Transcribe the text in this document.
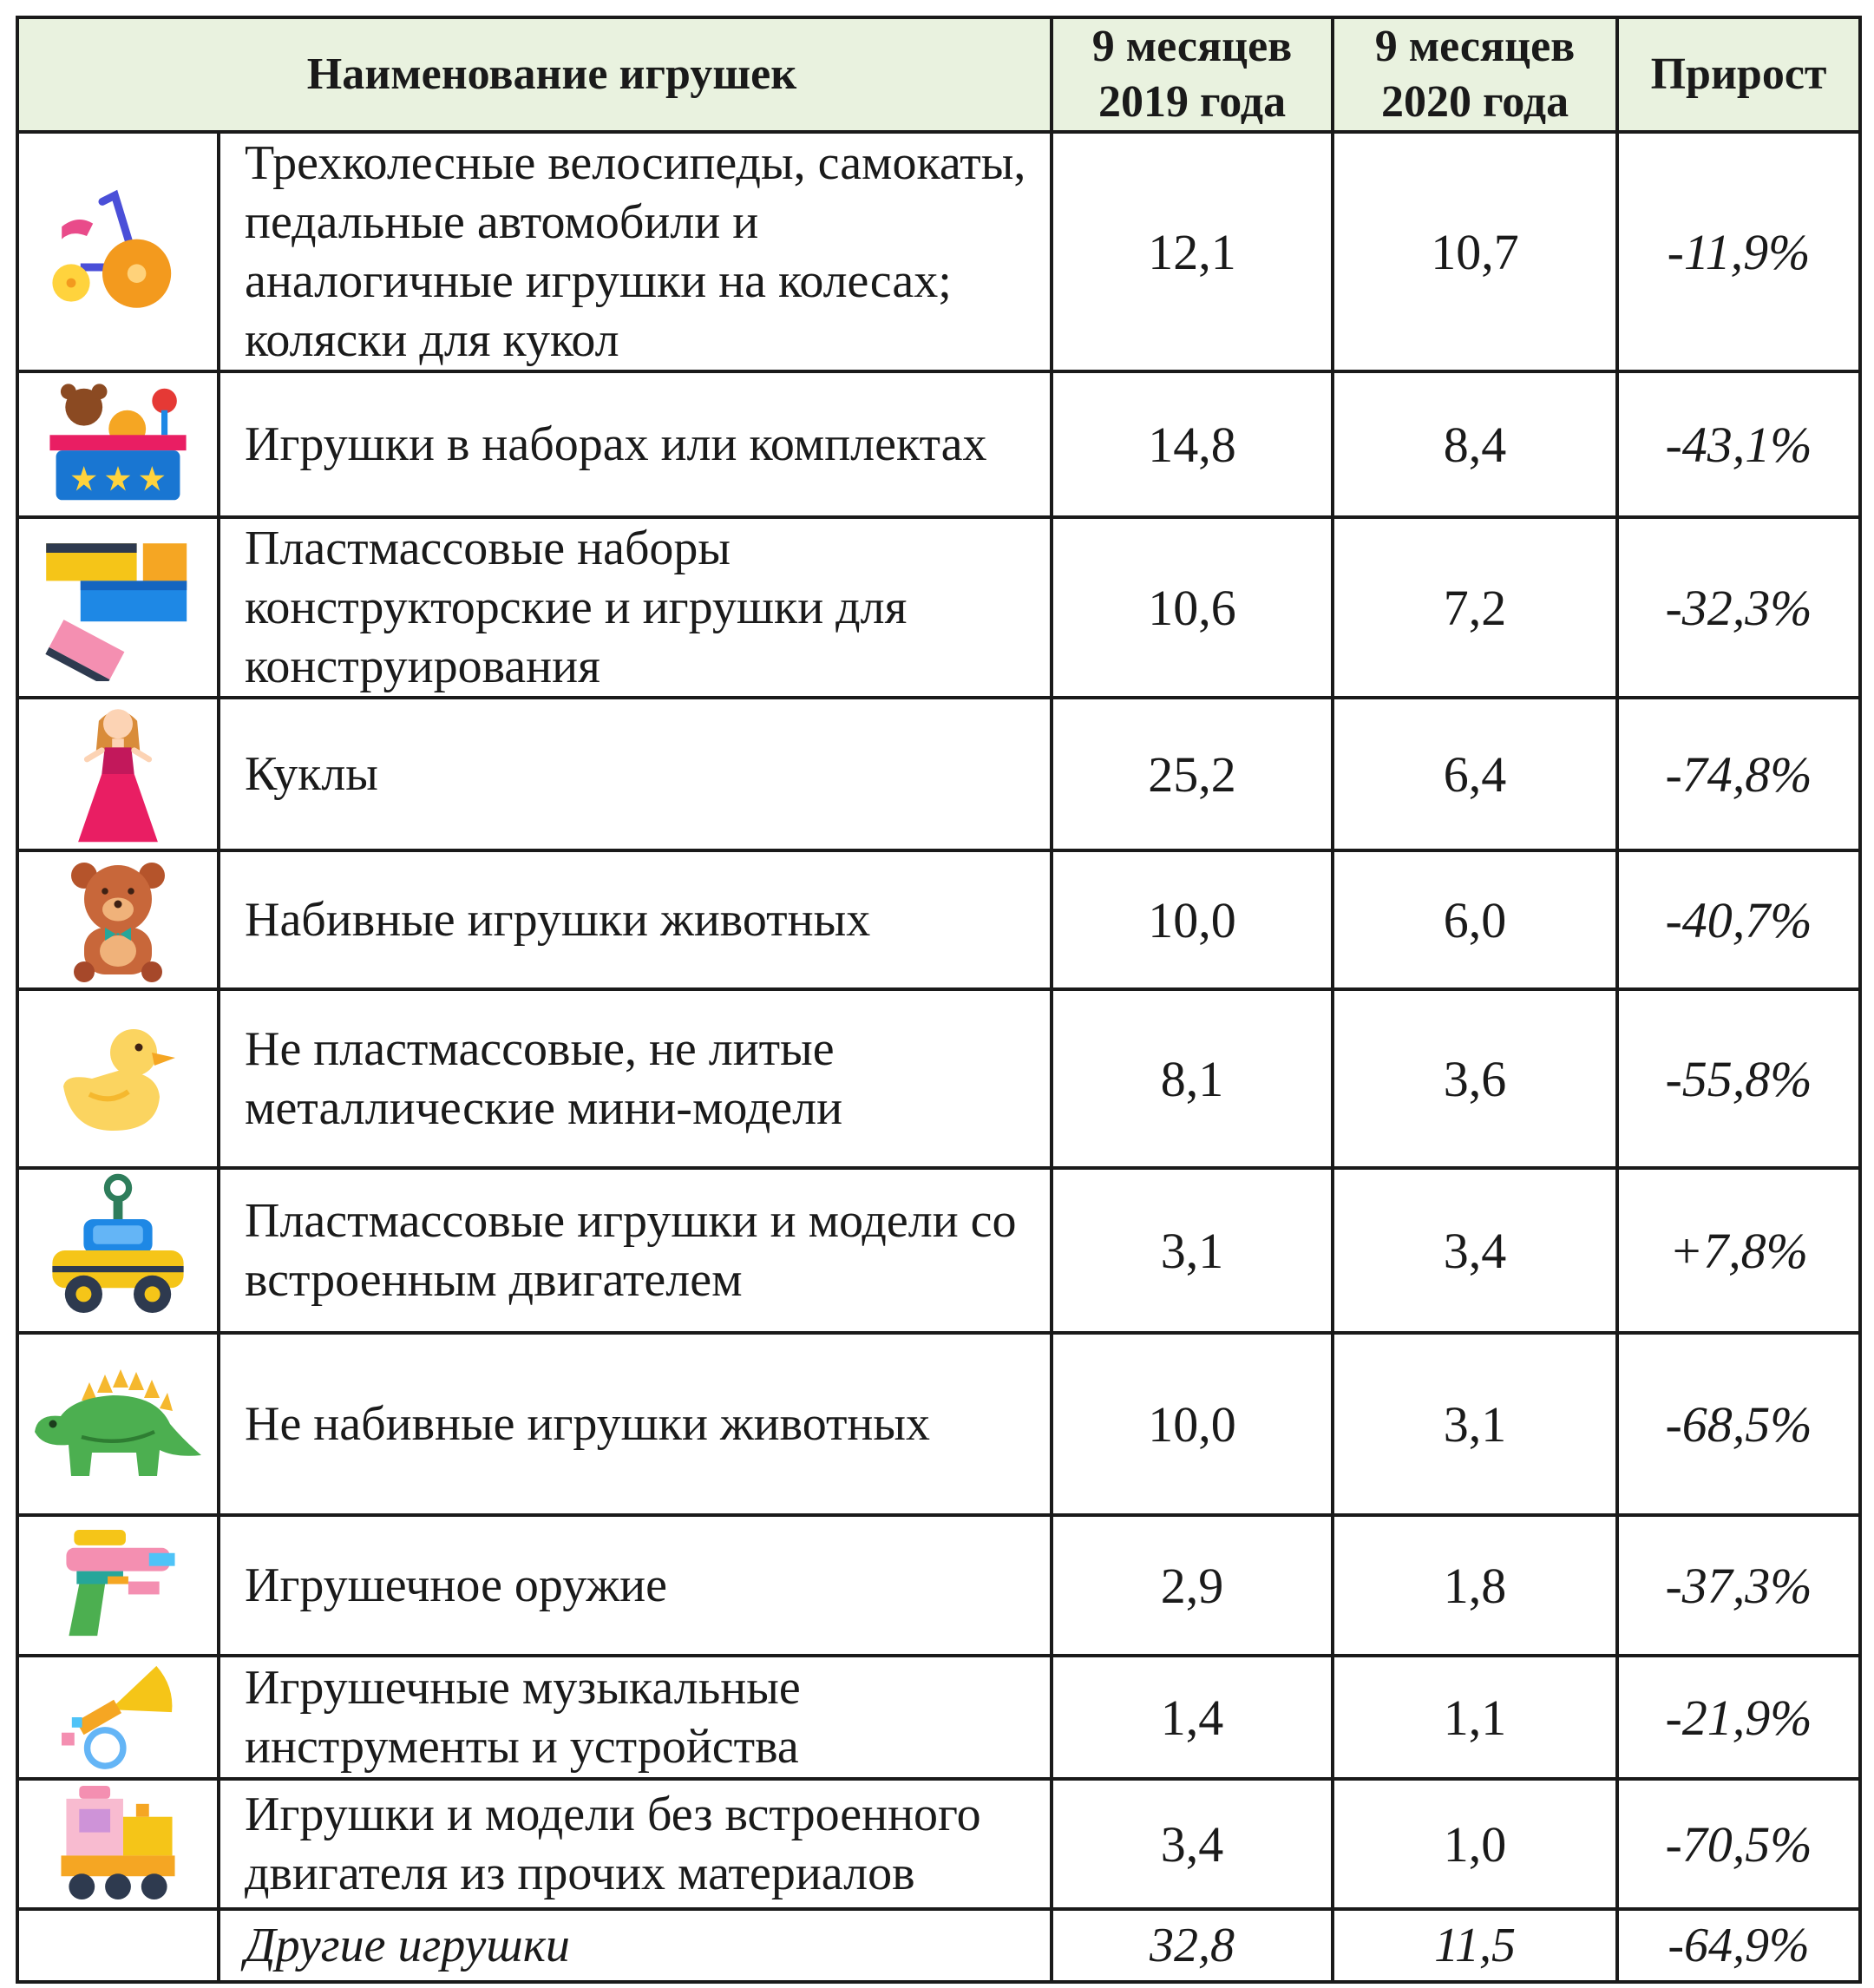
Наименование игрушек		9 месяцев 2019 года	9 месяцев 2020 года	Прирост

	Трехколесные велосипеды, самокаты, педальные автомобили и аналогичные игрушки на колесах; коляски для кукол	12,1	10,7	-11,9%

	Игрушки в наборах или комплектах	14,8	8,4	-43,1%

	Пластмассовые наборы конструкторские и игрушки для конструирования	10,6	7,2	-32,3%

	Куклы	25,2	6,4	-74,8%

	Набивные игрушки животных	10,0	6,0	-40,7%

	Не пластмассовые, не литые металлические мини-модели	8,1	3,6	-55,8%

	Пластмассовые игрушки и модели со встроенным двигателем	3,1	3,4	+7,8%

	Не набивные игрушки животных	10,0	3,1	-68,5%

	Игрушечное оружие	2,9	1,8	-37,3%

	Игрушечные музыкальные инструменты и устройства	1,4	1,1	-21,9%

	Игрушки и модели без встроенного двигателя из прочих материалов	3,4	1,0	-70,5%
	Другие игрушки	32,8	11,5	-64,9%
